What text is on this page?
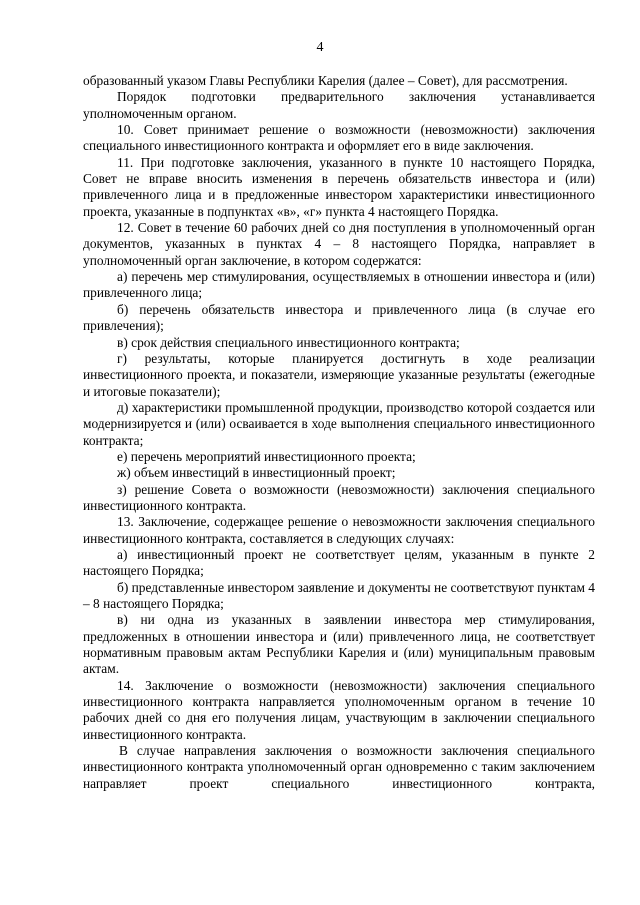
4

образованный указом Главы Республики Карелия (далее – Совет), для рассмотрения.

Порядок подготовки предварительного заключения устанавливается уполномоченным органом.

10. Совет принимает решение о возможности (невозможности) заключения специального инвестиционного контракта и оформляет его в виде заключения.

11. При подготовке заключения, указанного в пункте 10 настоящего Порядка, Совет не вправе вносить изменения в перечень обязательств инвестора и (или) привлеченного лица и в предложенные инвестором характеристики инвестиционного проекта, указанные в подпунктах «в», «г» пункта 4 настоящего Порядка.

12. Совет в течение 60 рабочих дней со дня поступления в уполномоченный орган документов, указанных в пунктах 4 – 8 настоящего Порядка, направляет в уполномоченный орган заключение, в котором содержатся:

а) перечень мер стимулирования, осуществляемых в отношении инвестора и (или) привлеченного лица;

б) перечень обязательств инвестора и привлеченного лица (в случае его привлечения);

в) срок действия специального инвестиционного контракта;

г) результаты, которые планируется достигнуть в ходе реализации инвестиционного проекта, и показатели, измеряющие указанные результаты (ежегодные и итоговые показатели);

д) характеристики промышленной продукции, производство которой создается или модернизируется и (или) осваивается в ходе выполнения специального инвестиционного контракта;

е) перечень мероприятий инвестиционного проекта;

ж) объем инвестиций в инвестиционный проект;

з) решение Совета о возможности (невозможности) заключения специального инвестиционного контракта.

13. Заключение, содержащее решение о невозможности заключения специального инвестиционного контракта, составляется в следующих случаях:

а) инвестиционный проект не соответствует целям, указанным в пункте 2 настоящего Порядка;

б) представленные инвестором заявление и документы не соответствуют пунктам 4 – 8 настоящего Порядка;

в) ни одна из указанных в заявлении инвестора мер стимулирования, предложенных в отношении инвестора и (или) привлеченного лица, не соответствует нормативным правовым актам Республики Карелия и (или) муниципальным правовым актам.

14. Заключение о возможности (невозможности) заключения специального инвестиционного контракта направляется уполномоченным органом в течение 10 рабочих дней со дня его получения лицам, участвующим в заключении специального инвестиционного контракта.

В случае направления заключения о возможности заключения специального инвестиционного контракта уполномоченный орган одновременно с таким заключением направляет проект специального инвестиционного контракта,
